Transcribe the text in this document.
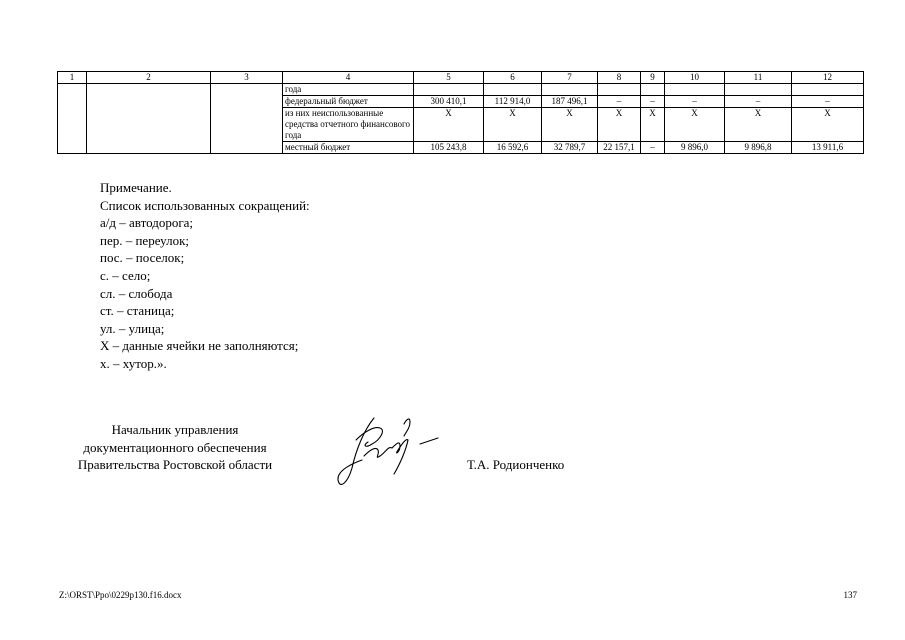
1	2	3	4	5	6	7	8	9	10	11	12
			года								
			федеральный бюджет	300 410,1	112 914,0	187 496,1	–	–	–	–	–
			из них неиспользованные средства отчетного финансового года	X	X	X	X	X	X	X	X
			местный бюджет	105 243,8	16 592,6	32 789,7	22 157,1	–	9 896,0	9 896,8	13 911,6
Примечание.
Список использованных сокращений:
а/д – автодорога;
пер. – переулок;
пос. – поселок;
с. – село;
сл. – слобода
ст. – станица;
ул. – улица;
X – данные ячейки не заполняются;
х. – хутор.».
Начальник управления
документационного обеспечения
Правительства Ростовской области	Т.А. Родионченко
Z:\ORST\Ppo\0229p130.f16.docx	137
